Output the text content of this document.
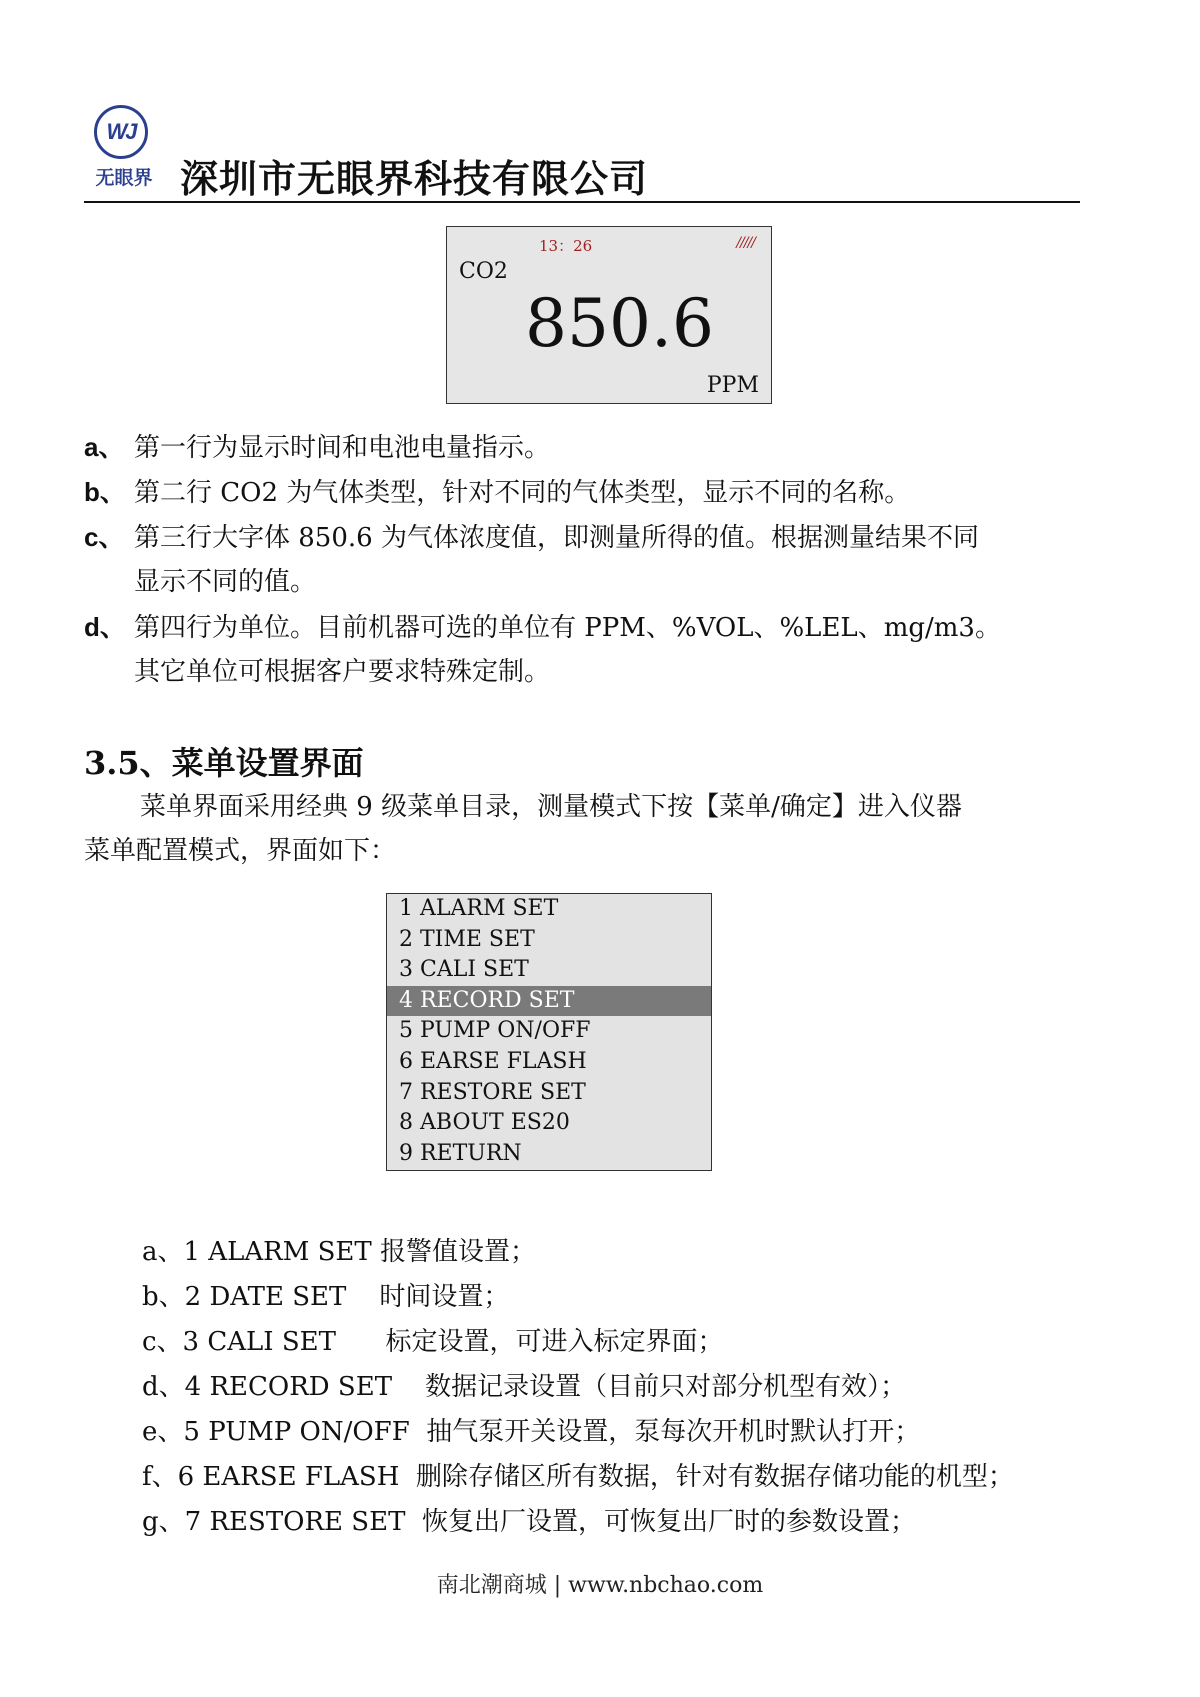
WJ
无眼界 深圳市无眼界科技有限公司
13：26	/////
CO2
850.6
PPM
a、 第一行为显示时间和电池电量指示。
b、 第二行 CO2 为气体类型，针对不同的气体类型，显示不同的名称。
c、 第三行大字体 850.6 为气体浓度值，即测量所得的值。根据测量结果不同
显示不同的值。
d、 第四行为单位。目前机器可选的单位有 PPM、%VOL、%LEL、mg/m3。
其它单位可根据客户要求特殊定制。
3.5、菜单设置界面
菜单界面采用经典 9 级菜单目录，测量模式下按【菜单/确定】进入仪器
菜单配置模式，界面如下：
1 ALARM SET
2 TIME SET
3 CALI SET
4 RECORD SET
5 PUMP ON/OFF
6 EARSE FLASH
7 RESTORE SET
8 ABOUT ES20
9 RETURN
a、1 ALARM SET 报警值设置；
b、2 DATE SET    时间设置；
c、3 CALI SET      标定设置，可进入标定界面；
d、4 RECORD SET    数据记录设置（目前只对部分机型有效）；
e、5 PUMP ON/OFF  抽气泵开关设置，泵每次开机时默认打开；
f、6 EARSE FLASH  删除存储区所有数据，针对有数据存储功能的机型；
g、7 RESTORE SET  恢复出厂设置，可恢复出厂时的参数设置；
南北潮商城 | www.nbchao.com
